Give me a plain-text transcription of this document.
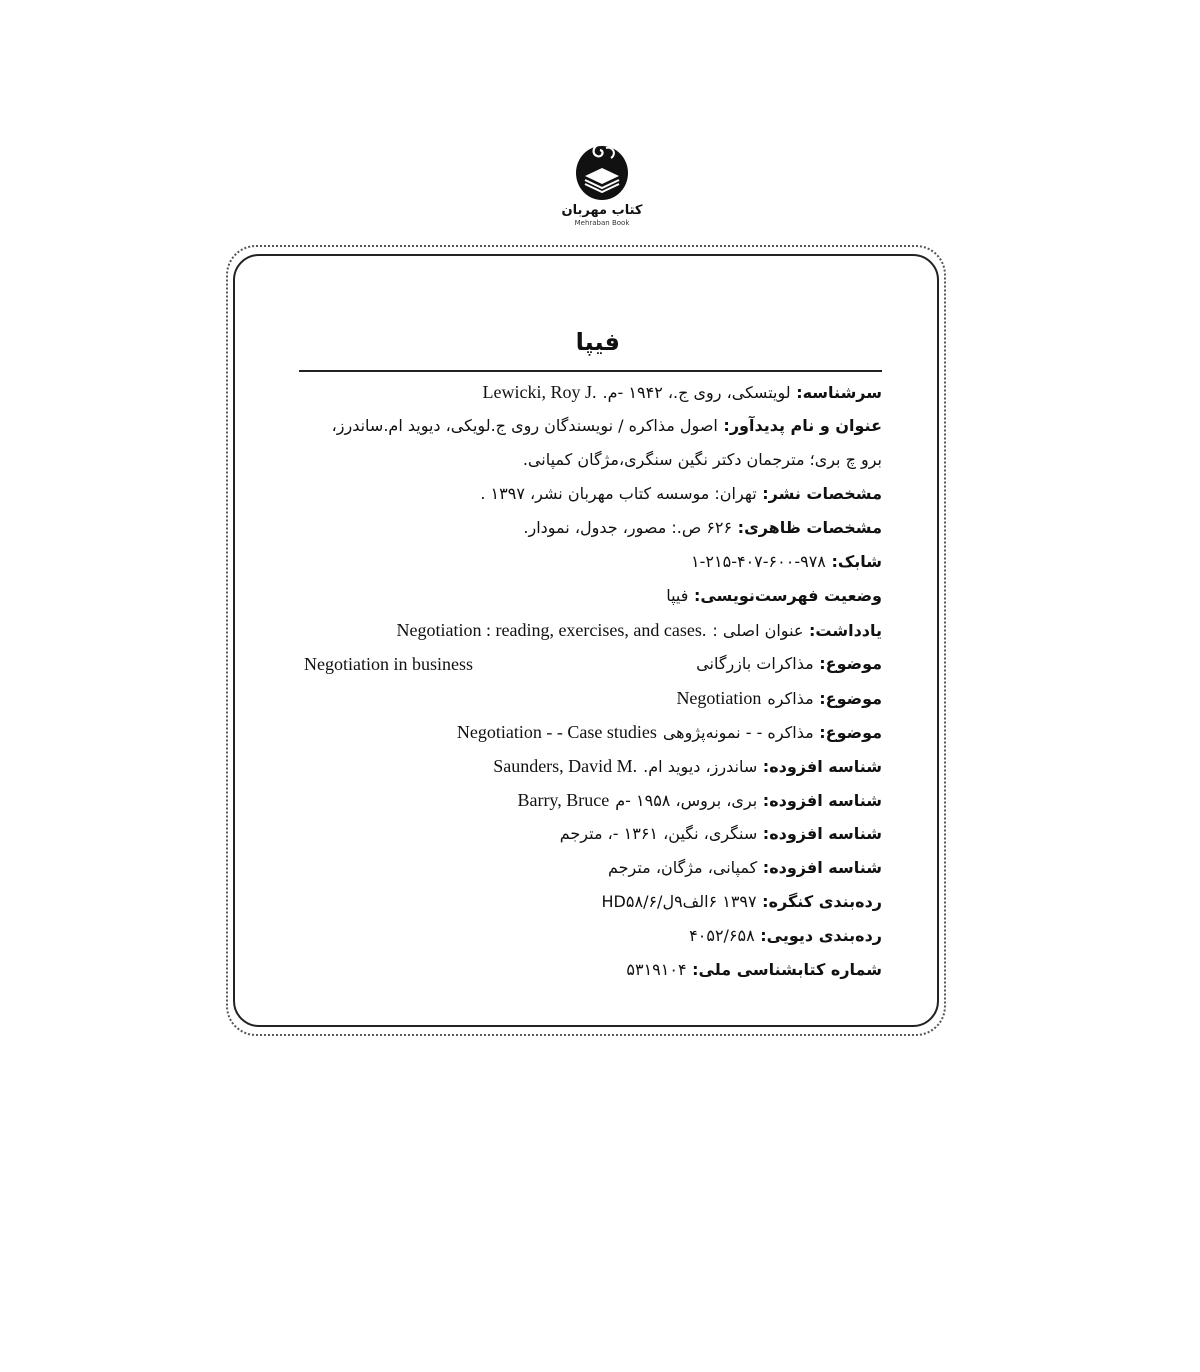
کتاب مهربان
Mehraban Book
فیپا
سرشناسه: لویتسکی، روی ج.، ۱۹۴۲ -م.Lewicki, Roy J.
عنوان و نام پدیدآور: اصول مذاکره / نویسندگان روی ج.لویکی، دیوید ام.ساندرز،
برو چ بری؛ مترجمان دکتر نگین سنگری،مژگان کمپانی.
مشخصات نشر: تهران: موسسه کتاب مهربان نشر، ۱۳۹۷ .
مشخصات ظاهری: ۶۲۶ ص.: مصور، جدول، نمودار.
شابک: ۹۷۸-۶۰۰-۴۰۷-۲۱۵-۱
وضعیت فهرست‌نویسی: فیپا
یادداشت: عنوان اصلی :Negotiation : reading, exercises, and cases.
موضوع: مذاکرات بازرگانی
Negotiation in business
موضوع: مذاکرهNegotiation
موضوع: مذاکره - - نمونه‌پژوهیNegotiation - - Case studies
شناسه افزوده: ساندرز، دیوید ام.Saunders, David M.
شناسه افزوده: بری، بروس، ۱۹۵۸ -مBarry, Bruce
شناسه افزوده: سنگری، نگین، ۱۳۶۱ -، مترجم
شناسه افزوده: کمپانی، مژگان، مترجم
رده‌بندی کنگره: ۱۳۹۷ ۶الف۹ل/۶/HD۵۸
رده‌بندی دیویی: ۴۰۵۲/۶۵۸
شماره کتابشناسی ملی: ۵۳۱۹۱۰۴
